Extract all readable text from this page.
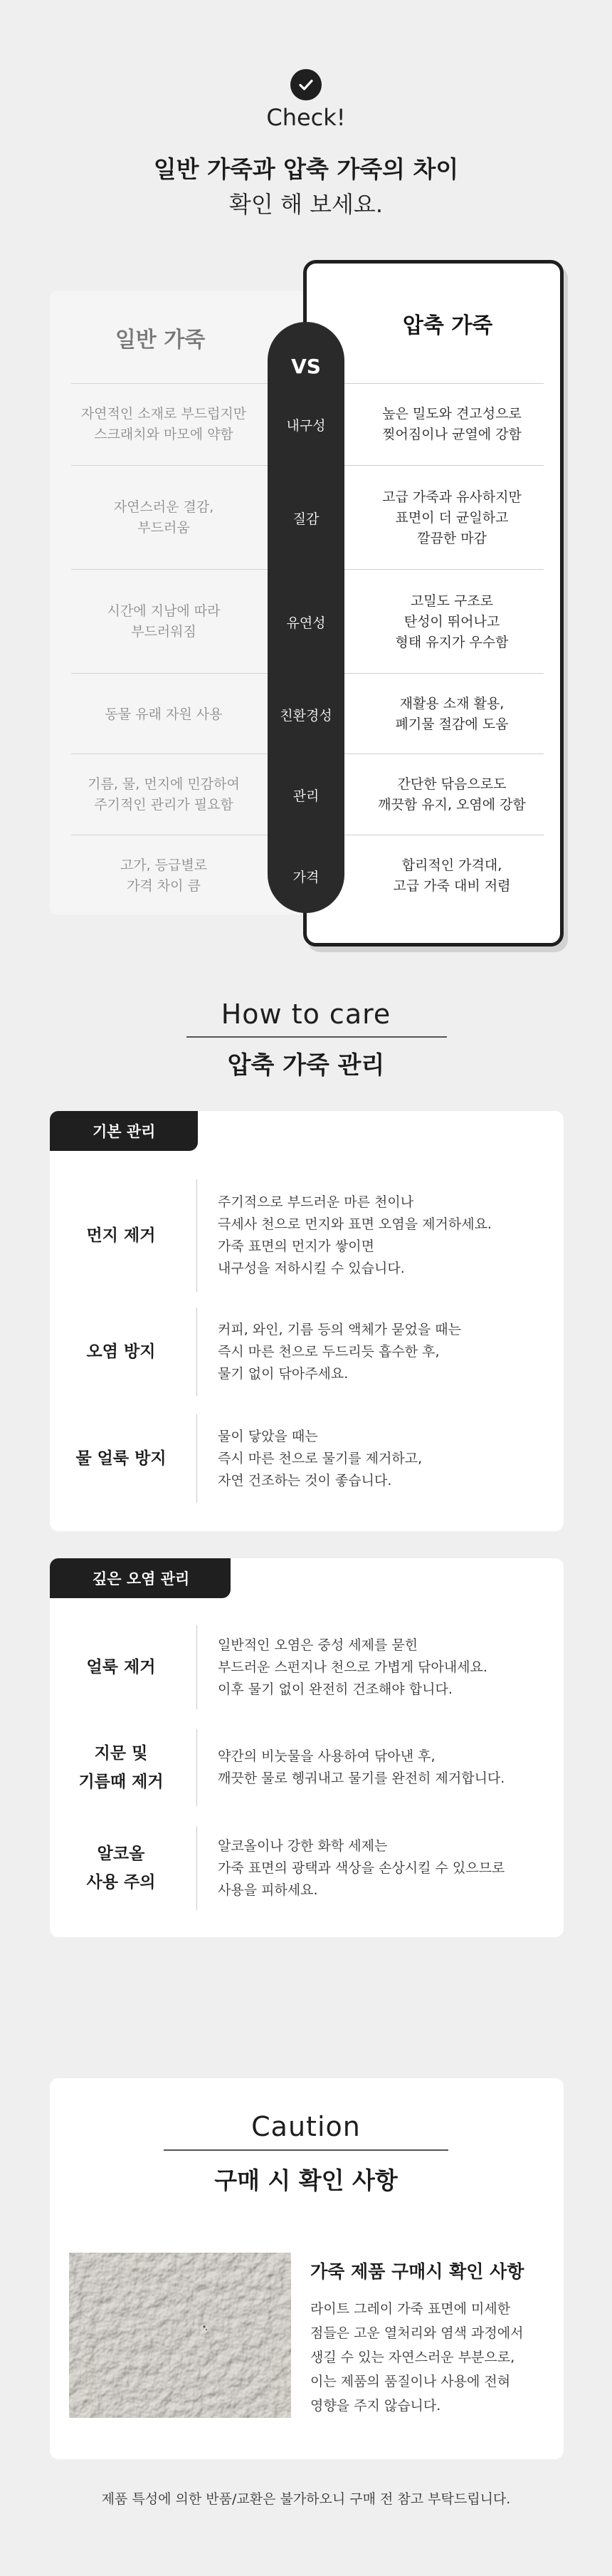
Check!
일반 가죽과 압축 가죽의 차이
확인 해 보세요.
일반 가죽
VS
압축 가죽
자연적인 소재로 부드럽지만
스크래치와 마모에 약함
내구성
높은 밀도와 견고성으로
찢어짐이나 균열에 강함
자연스러운 결감,
부드러움
질감
고급 가죽과 유사하지만
표면이 더 균일하고
깔끔한 마감
시간에 지남에 따라
부드러워짐
유연성
고밀도 구조로
탄성이 뛰어나고
형태 유지가 우수함
동물 유래 자원 사용	친환경성
재활용 소재 활용,
폐기물 절감에 도움
기름, 물, 먼지에 민감하여
주기적인 관리가 필요함
관리
간단한 닦음으로도
깨끗함 유지, 오염에 강함
고가, 등급별로
가격 차이 큼
가격
합리적인 가격대,
고급 가죽 대비 저렴
How to care
압축 가죽 관리
기본 관리
먼지 제거
주기적으로 부드러운 마른 천이나
극세사 천으로 먼지와 표면 오염을 제거하세요.
가죽 표면의 먼지가 쌓이면
내구성을 저하시킬 수 있습니다.
오염 방지
커피, 와인, 기름 등의 액체가 묻었을 때는
즉시 마른 천으로 두드리듯 흡수한 후,
물기 없이 닦아주세요.
물 얼룩 방지
물이 닿았을 때는
즉시 마른 천으로 물기를 제거하고,
자연 건조하는 것이 좋습니다.
깊은 오염 관리
얼룩 제거
일반적인 오염은 중성 세제를 묻힌
부드러운 스펀지나 천으로 가볍게 닦아내세요.
이후 물기 없이 완전히 건조해야 합니다.
지문 및
기름때 제거
약간의 비눗물을 사용하여 닦아낸 후,
깨끗한 물로 헹궈내고 물기를 완전히 제거합니다.
알코올
사용 주의
알코올이나 강한 화학 세제는
가죽 표면의 광택과 색상을 손상시킬 수 있으므로
사용을 피하세요.
Caution
구매 시 확인 사항
가죽 제품 구매시 확인 사항
라이트 그레이 가죽 표면에 미세한
점들은 고운 열처리와 염색 과정에서
생길 수 있는 자연스러운 부분으로,
이는 제품의 품질이나 사용에 전혀
영향을 주지 않습니다.
제품 특성에 의한 반품/교환은 불가하오니 구매 전 참고 부탁드립니다.
